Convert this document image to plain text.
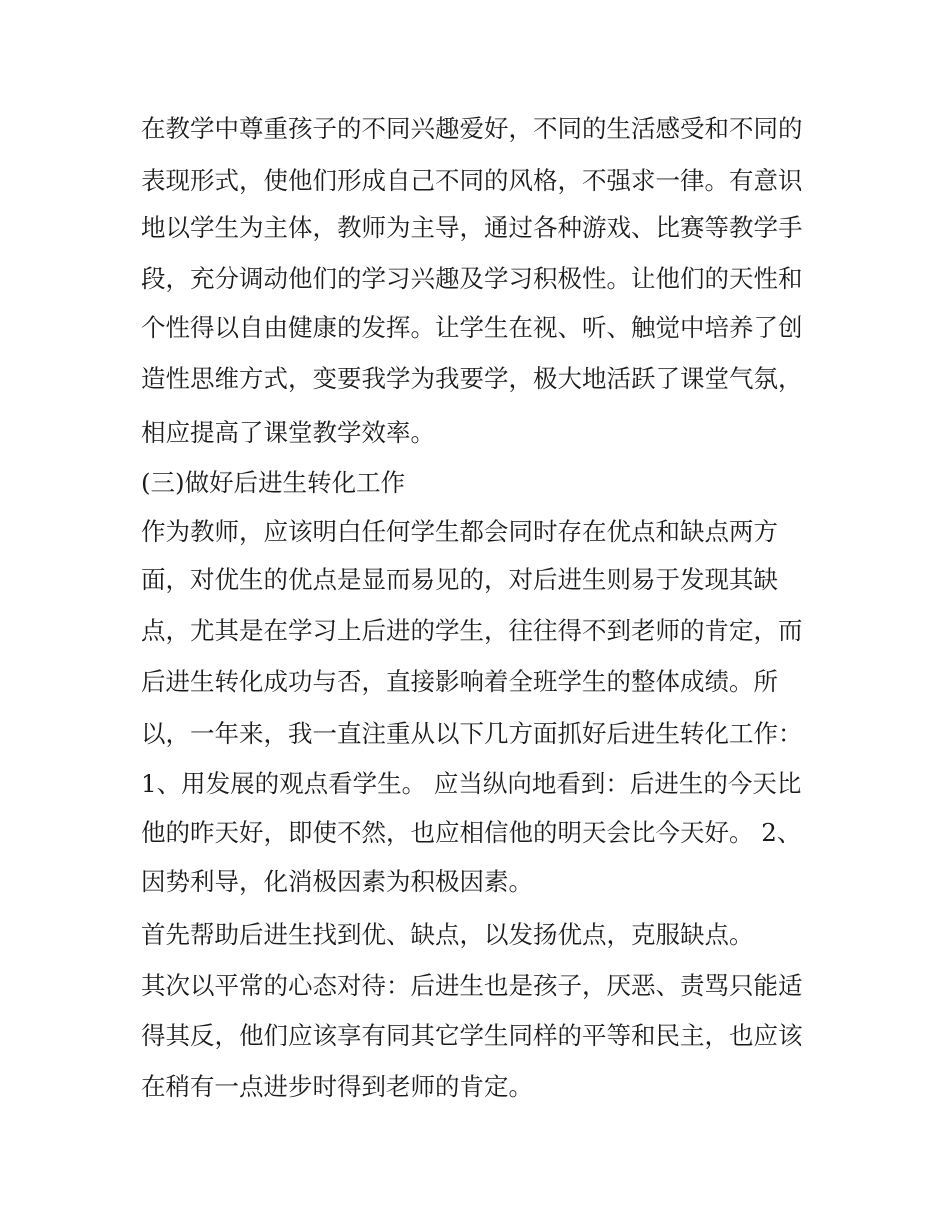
在教学中尊重孩子的不同兴趣爱好，不同的生活感受和不同的
表现形式，使他们形成自己不同的风格，不强求一律。有意识
地以学生为主体，教师为主导，通过各种游戏、比赛等教学手
段，充分调动他们的学习兴趣及学习积极性。让他们的天性和
个性得以自由健康的发挥。让学生在视、听、触觉中培养了创
造性思维方式，变要我学为我要学，极大地活跃了课堂气氛，
相应提高了课堂教学效率。
(三)做好后进生转化工作
作为教师，应该明白任何学生都会同时存在优点和缺点两方
面，对优生的优点是显而易见的，对后进生则易于发现其缺
点，尤其是在学习上后进的学生，往往得不到老师的肯定，而
后进生转化成功与否，直接影响着全班学生的整体成绩。所
以，一年来，我一直注重从以下几方面抓好后进生转化工作：
1、用发展的观点看学生。 应当纵向地看到：后进生的今天比
他的昨天好，即使不然，也应相信他的明天会比今天好。 2、
因势利导，化消极因素为积极因素。
首先帮助后进生找到优、缺点，以发扬优点，克服缺点。
其次以平常的心态对待：后进生也是孩子，厌恶、责骂只能适
得其反，他们应该享有同其它学生同样的平等和民主，也应该
在稍有一点进步时得到老师的肯定。
